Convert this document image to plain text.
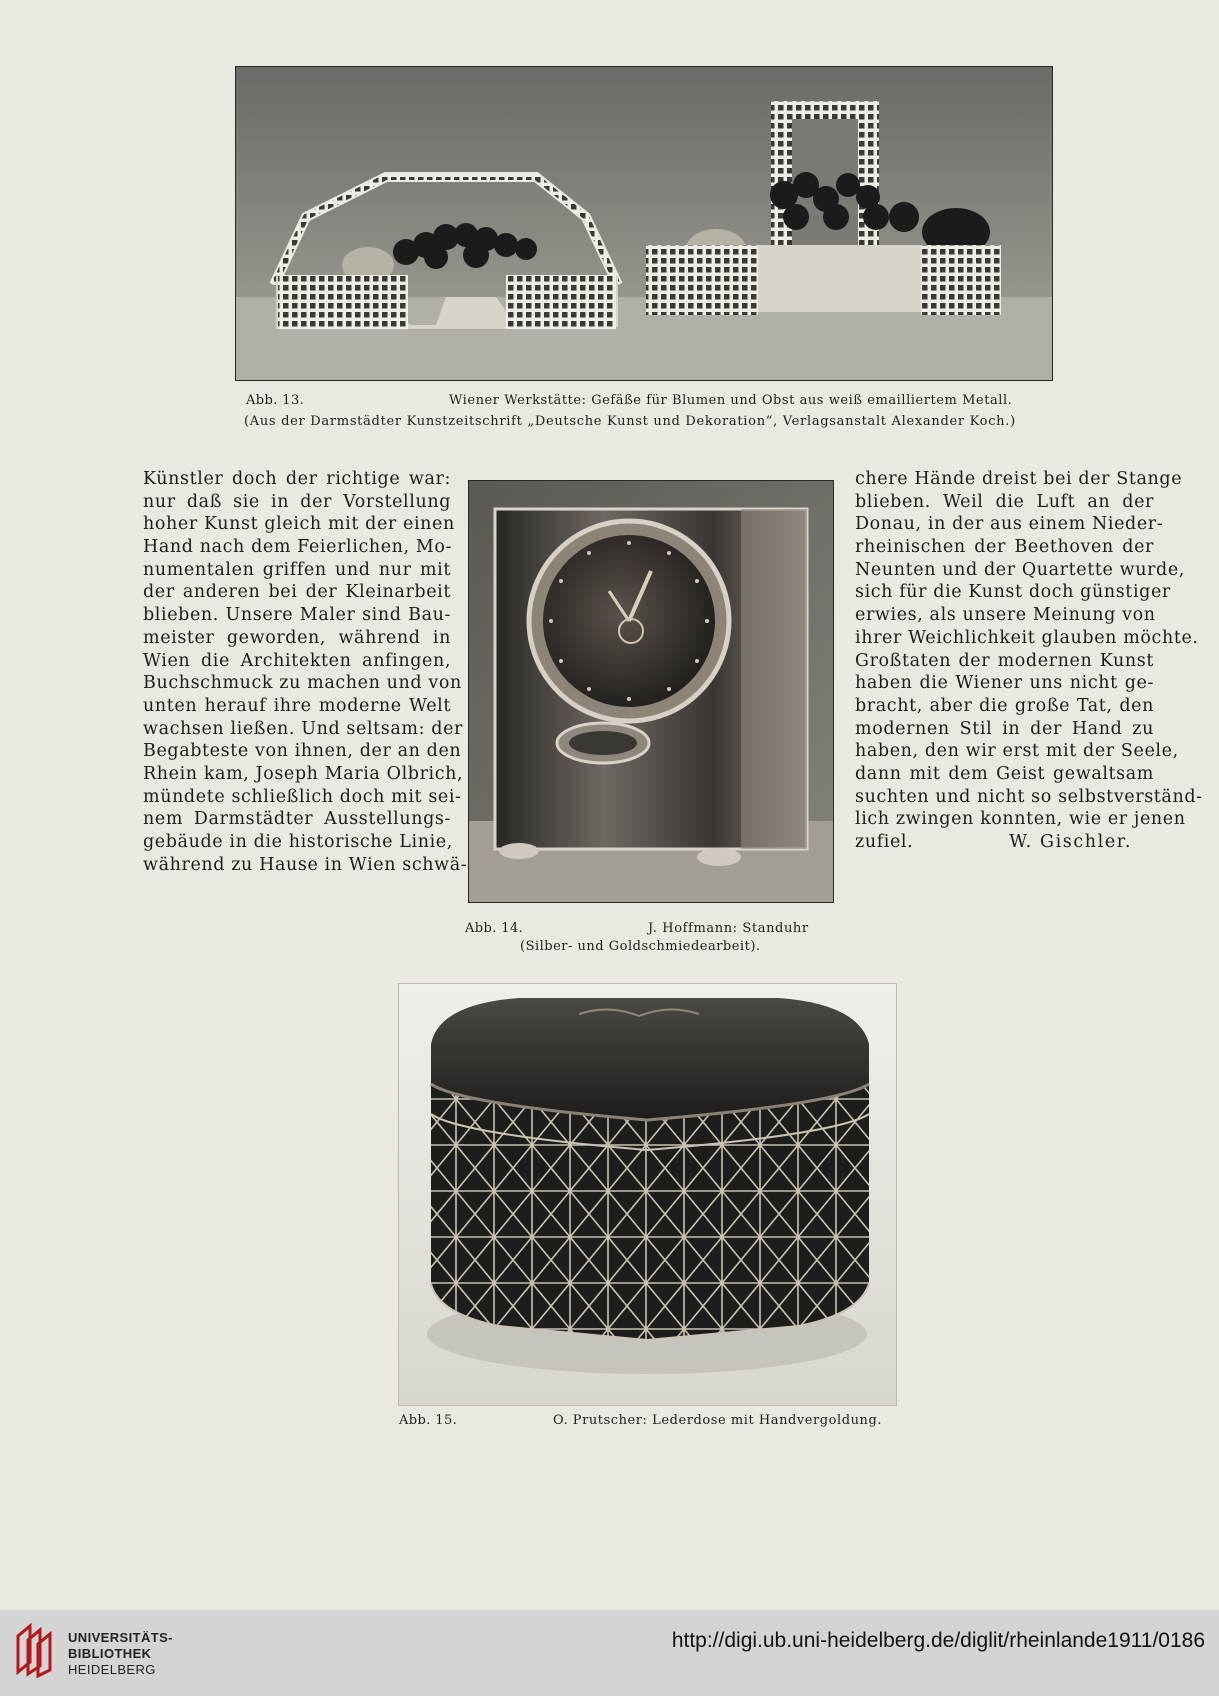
Abb. 13.	Wiener Werkstätte: Gefäße für Blumen und Obst aus weiß emailliertem Metall.
(Aus der Darmstädter Kunstzeitschrift „Deutsche Kunst und Dekoration“, Verlagsanstalt Alexander Koch.)
Künstler doch der richtige war:
nur daß sie in der Vorstellung
hoher Kunst gleich mit der einen
Hand nach dem Feierlichen, Mo-
numentalen griffen und nur mit
der anderen bei der Kleinarbeit
blieben. Unsere Maler sind Bau-
meister geworden, während in
Wien die Architekten anfingen,
Buchschmuck zu machen und von
unten herauf ihre moderne Welt
wachsen ließen. Und seltsam: der
Begabteste von ihnen, der an den
Rhein kam, Joseph Maria Olbrich,
mündete schließlich doch mit sei-
nem Darmstädter Ausstellungs-
gebäude in die historische Linie,
während zu Hause in Wien schwä-
chere Hände dreist bei der Stange
blieben. Weil die Luft an der
Donau, in der aus einem Nieder-
rheinischen der Beethoven der
Neunten und der Quartette wurde,
sich für die Kunst doch günstiger
erwies, als unsere Meinung von
ihrer Weichlichkeit glauben möchte.
Großtaten der modernen Kunst
haben die Wiener uns nicht ge-
bracht, aber die große Tat, den
modernen Stil in der Hand zu
haben, den wir erst mit der Seele,
dann mit dem Geist gewaltsam
suchten und nicht so selbstverständ-
lich zwingen konnten, wie er jenen
zufiel.	W. Gischler.
Abb. 14.	J. Hoffmann: Standuhr
(Silber- und Goldschmiedearbeit).
Abb. 15.	O. Prutscher: Lederdose mit Handvergoldung.
UNIVERSITÄTS-
BIBLIOTHEK
HEIDELBERG
http://digi.ub.uni-heidelberg.de/diglit/rheinlande1911/0186
